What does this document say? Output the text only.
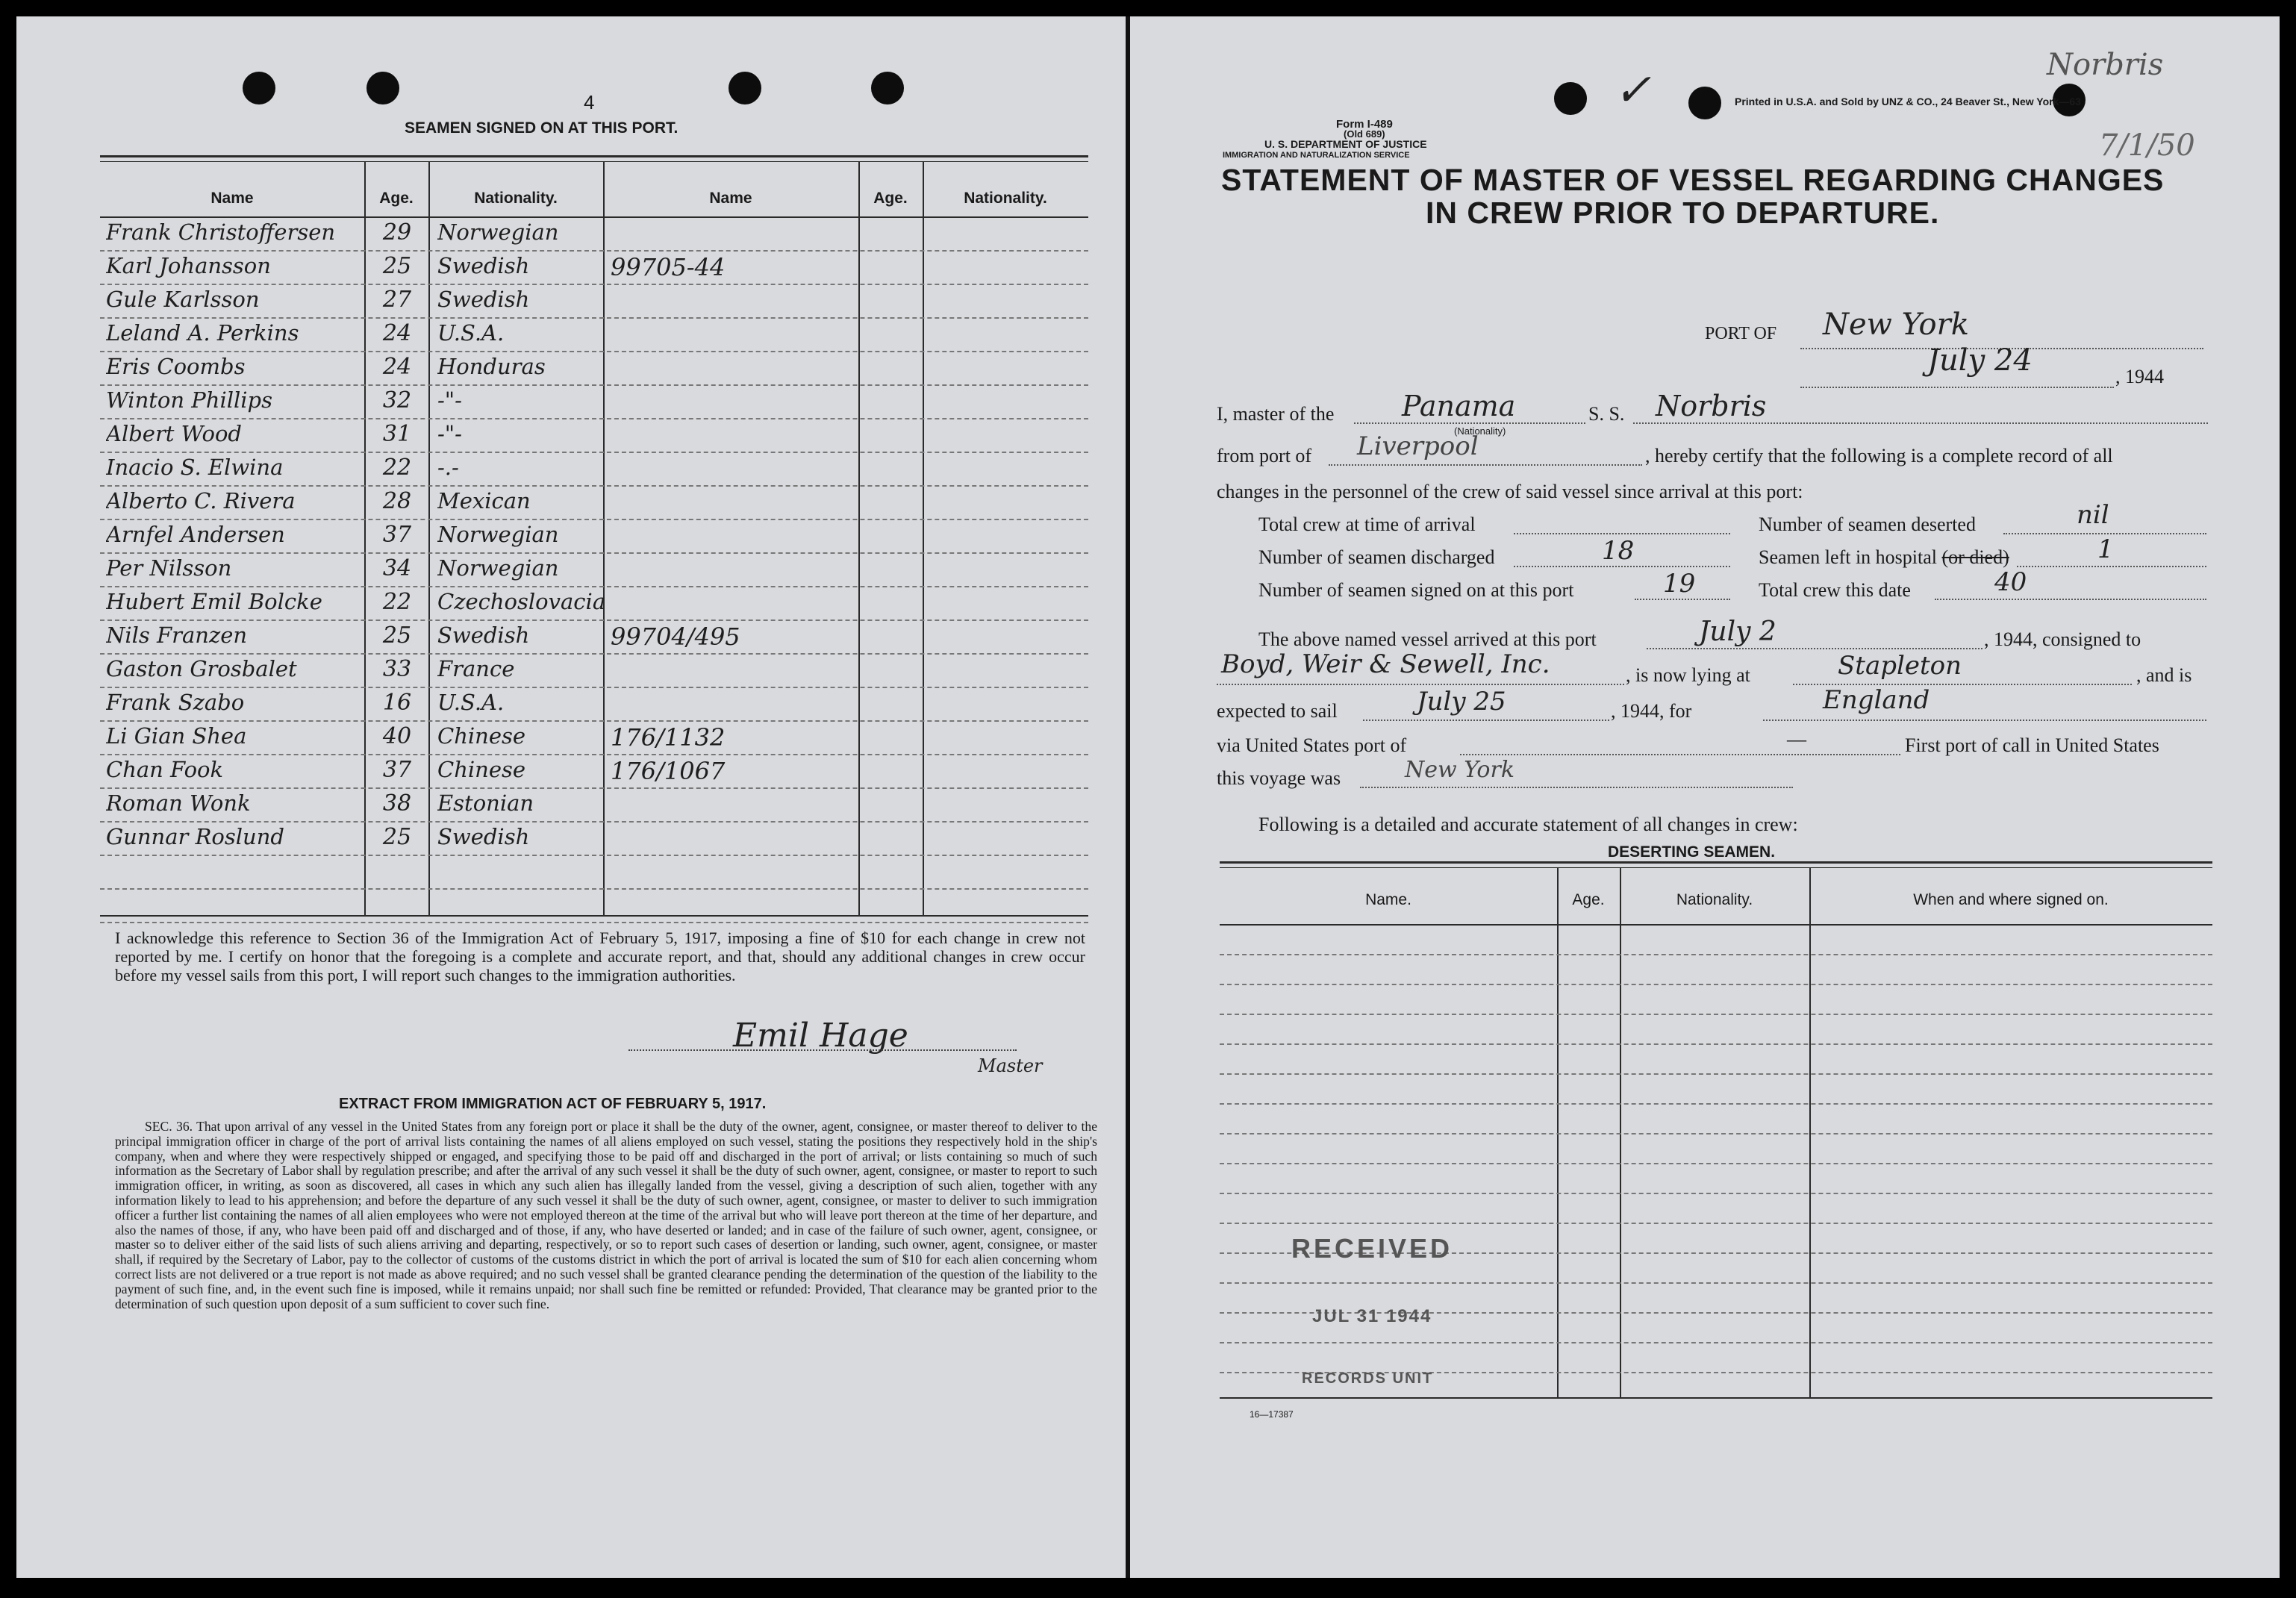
4
SEAMEN SIGNED ON AT THIS PORT.
Name	Age.	Nationality.	Name	Age.	Nationality.
Frank Christoffersen	29	Norwegian
Karl Johansson	25	Swedish	99705-44
Gule Karlsson	27	Swedish
Leland A. Perkins	24	U.S.A.
Eris Coombs	24	Honduras
Winton Phillips	32	-"-
Albert Wood	31	-"-
Inacio S. Elwina	22	-.-
Alberto C. Rivera	28	Mexican
Arnfel Andersen	37	Norwegian
Per Nilsson	34	Norwegian
Hubert Emil Bolcke	22	Czechoslovacia
Nils Franzen	25	Swedish	99704/495
Gaston Grosbalet	33	France
Frank Szabo	16	U.S.A.
Li Gian Shea	40	Chinese	176/1132
Chan Fook	37	Chinese	176/1067
Roman Wonk	38	Estonian
Gunnar Roslund	25	Swedish
I acknowledge this reference to Section 36 of the Immigration Act of February 5, 1917, imposing a fine of $10 for each change in crew not reported by me. I certify on honor that the foregoing is a complete and accurate report, and that, should any additional changes in crew occur before my vessel sails from this port, I will report such changes to the immigration authorities.
Emil Hage
Master
EXTRACT FROM IMMIGRATION ACT OF FEBRUARY 5, 1917.
SEC. 36. That upon arrival of any vessel in the United States from any foreign port or place it shall be the duty of the owner, agent, consignee, or master thereof to deliver to the principal immigration officer in charge of the port of arrival lists containing the names of all aliens employed on such vessel, stating the positions they respectively hold in the ship's company, when and where they were respectively shipped or engaged, and specifying those to be paid off and discharged in the port of arrival; or lists containing so much of such information as the Secretary of Labor shall by regulation prescribe; and after the arrival of any such vessel it shall be the duty of such owner, agent, consignee, or master to report to such immigration officer, in writing, as soon as discovered, all cases in which any such alien has illegally landed from the vessel, giving a description of such alien, together with any information likely to lead to his apprehension; and before the departure of any such vessel it shall be the duty of such owner, agent, consignee, or master to deliver to such immigration officer a further list containing the names of all alien employees who were not employed thereon at the time of the arrival but who will leave port thereon at the time of her departure, and also the names of those, if any, who have been paid off and discharged and of those, if any, who have deserted or landed; and in case of the failure of such owner, agent, consignee, or master so to deliver either of the said lists of such aliens arriving and departing, respectively, or so to report such cases of desertion or landing, such owner, agent, consignee, or master shall, if required by the Secretary of Labor, pay to the collector of customs of the customs district in which the port of arrival is located the sum of $10 for each alien concerning whom correct lists are not delivered or a true report is not made as above required; and no such vessel shall be granted clearance pending the determination of the question of the liability to the payment of such fine, and, in the event such fine is imposed, while it remains unpaid; nor shall such fine be remitted or refunded: Provided, That clearance may be granted prior to the determination of such question upon deposit of a sum sufficient to cover such fine.
Form I-489
(Old 689)
U. S. DEPARTMENT OF JUSTICE
IMMIGRATION AND NATURALIZATION SERVICE
Printed in U.S.A. and Sold by UNZ & CO., 24 Beaver St., New York—63
Norbris
7/1/50
✓
STATEMENT OF MASTER OF VESSEL REGARDING CHANGES
IN CREW PRIOR TO DEPARTURE.
PORT OF New York
July 24	, 1944
I, master of the Panama
(Nationality)
S. S. Norbris
from port of Liverpool	, hereby certify that the following is a complete record of all
changes in the personnel of the crew of said vessel since arrival at this port:
Total crew at time of arrival
Number of seamen discharged	18
Number of seamen signed on at this port	19
Number of seamen deserted	nil
Seamen left in hospital (or died)	1
Total crew this date	40
The above named vessel arrived at this port	July 2	, 1944, consigned to
Boyd, Weir & Sewell, Inc.	, is now lying at	Stapleton	, and is
expected to sail	July 25	, 1944, for	England
via United States port of	—	First port of call in United States
this voyage was	New York
Following is a detailed and accurate statement of all changes in crew:
DESERTING SEAMEN.
Name.	Age.	Nationality.	When and where signed on.
RECEIVED
JUL 31 1944
RECORDS UNIT
16—17387
